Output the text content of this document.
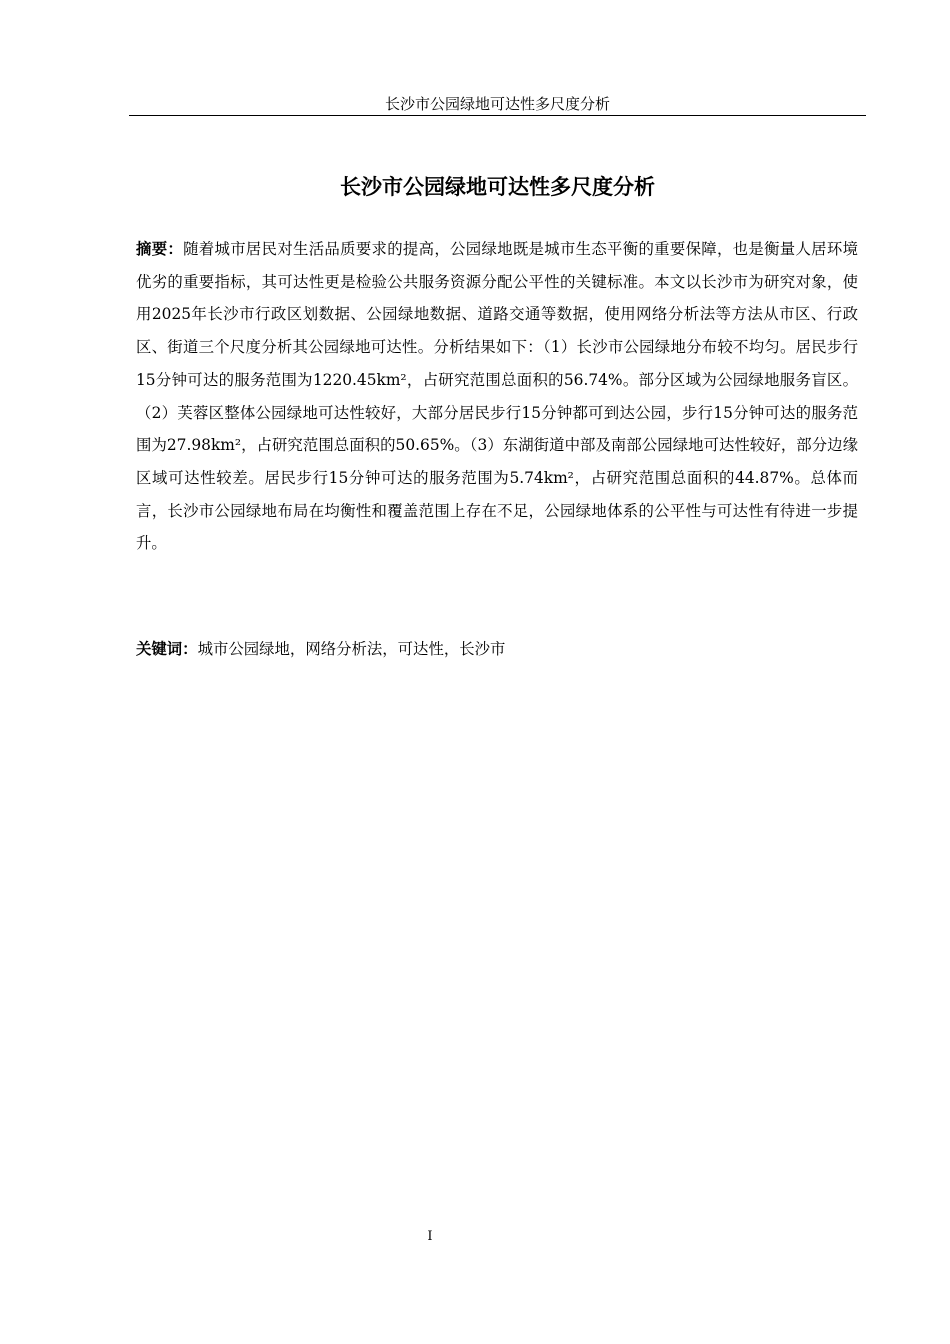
长沙市公园绿地可达性多尺度分析
长沙市公园绿地可达性多尺度分析

摘要：随着城市居民对生活品质要求的提高，公园绿地既是城市生态平衡的重要保障，也是衡量人居环境优劣的重要指标，其可达性更是检验公共服务资源分配公平性的关键标准。本文以长沙市为研究对象，使用2025年长沙市行政区划数据、公园绿地数据、道路交通等数据，使用网络分析法等方法从市区、行政区、街道三个尺度分析其公园绿地可达性。分析结果如下：（1）长沙市公园绿地分布较不均匀。居民步行15分钟可达的服务范围为1220.45km²，占研究范围总面积的56.74%。部分区域为公园绿地服务盲区。（2）芙蓉区整体公园绿地可达性较好，大部分居民步行15分钟都可到达公园，步行15分钟可达的服务范围为27.98km²，占研究范围总面积的50.65%。（3）东湖街道中部及南部公园绿地可达性较好，部分边缘区域可达性较差。居民步行15分钟可达的服务范围为5.74km²，占研究范围总面积的44.87%。总体而言，长沙市公园绿地布局在均衡性和覆盖范围上存在不足，公园绿地体系的公平性与可达性有待进一步提升。

关键词：城市公园绿地，网络分析法，可达性，长沙市

I
